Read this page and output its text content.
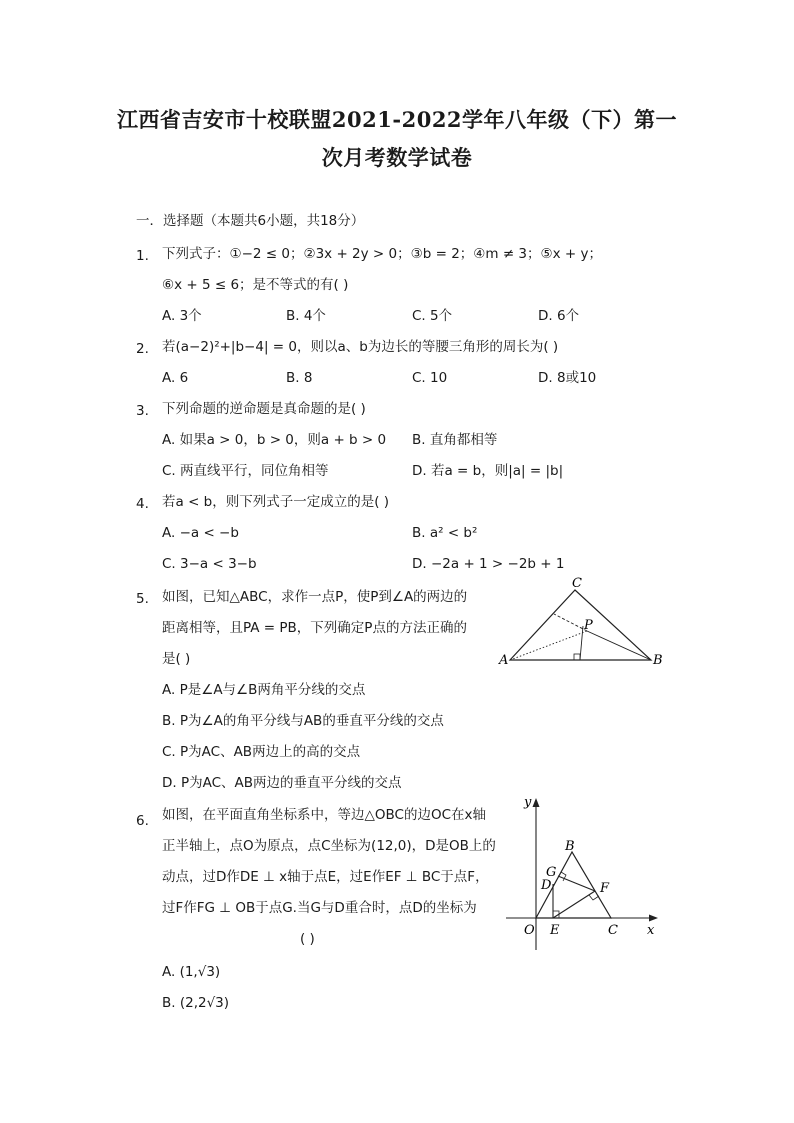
江西省吉安市十校联盟2021-2022学年八年级（下）第一
次月考数学试卷
一．选择题（本题共6小题，共18分）
1. 下列式子：①−2 ≤ 0；②3x + 2y > 0；③b = 2；④m ≠ 3；⑤x + y；
⑥x + 5 ≤ 6；是不等式的有( )
A. 3个	B. 4个	C. 5个	D. 6个
2. 若(a−2)²+|b−4| = 0，则以a、b为边长的等腰三角形的周长为( )
A. 6	B. 8	C. 10	D. 8或10
3. 下列命题的逆命题是真命题的是( )
A. 如果a > 0，b > 0，则a + b > 0 B. 直角都相等
C. 两直线平行，同位角相等	D. 若a = b，则|a| = |b|
4. 若a < b，则下列式子一定成立的是( )
A. −a < −b	B. a² < b²
C. 3−a < 3−b	D. −2a + 1 > −2b + 1
5. 如图，已知△ABC，求作一点P，使P到∠A的两边的
距离相等，且PA = PB，下列确定P点的方法正确的
是( )
A. P是∠A与∠B两角平分线的交点
B. P为∠A的角平分线与AB的垂直平分线的交点
C. P为AC、AB两边上的高的交点
D. P为AC、AB两边的垂直平分线的交点
A	B
C
P
6. 如图，在平面直角坐标系中，等边△OBC的边OC在x轴
正半轴上，点O为原点，点C坐标为(12,0)，D是OB上的
动点，过D作DE ⊥ x轴于点E，过E作EF ⊥ BC于点F，
过F作FG ⊥ OB于点G.当G与D重合时，点D的坐标为
( )
A. (1,√3)
B. (2,2√3)
y
x
O E	C
B
G
D	F
